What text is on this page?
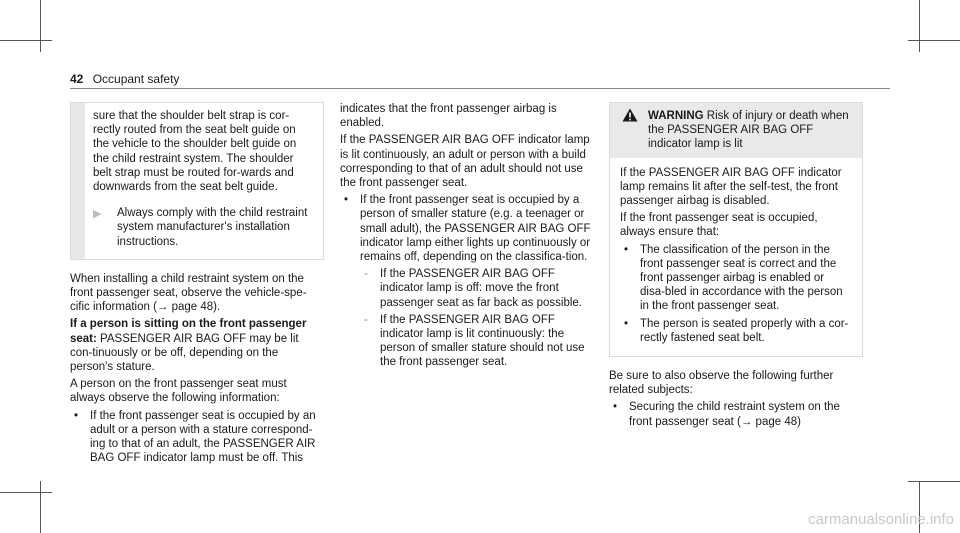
42 Occupant safety

sure that the shoulder belt strap is cor-rectly routed from the seat belt guide on the vehicle to the shoulder belt guide on the child restraint system. The shoulder belt strap must be routed for-wards and downwards from the seat belt guide.

▶ Always comply with the child restraint system manufacturer's installation instructions.

When installing a child restraint system on the front passenger seat, observe the vehicle-spe-cific information (→ page 48).

If a person is sitting on the front passenger seat: PASSENGER AIR BAG OFF may be lit con-tinuously or be off, depending on the person's stature.

A person on the front passenger seat must always observe the following information:

• If the front passenger seat is occupied by an adult or a person with a stature correspond-ing to that of an adult, the PASSENGER AIR BAG OFF indicator lamp must be off. This

indicates that the front passenger airbag is enabled.

If the PASSENGER AIR BAG OFF indicator lamp is lit continuously, an adult or person with a build corresponding to that of an adult should not use the front passenger seat.

• If the front passenger seat is occupied by a person of smaller stature (e.g. a teenager or small adult), the PASSENGER AIR BAG OFF indicator lamp either lights up continuously or remains off, depending on the classifica-tion.
- If the PASSENGER AIR BAG OFF indicator lamp is off: move the front passenger seat as far back as possible.
- If the PASSENGER AIR BAG OFF indicator lamp is lit continuously: the person of smaller stature should not use the front passenger seat.
WARNING Risk of injury or death when the PASSENGER AIR BAG OFF indicator lamp is lit

If the PASSENGER AIR BAG OFF indicator lamp remains lit after the self-test, the front passenger airbag is disabled.

If the front passenger seat is occupied, always ensure that:

• The classification of the person in the front passenger seat is correct and the front passenger airbag is enabled or disa-bled in accordance with the person in the front passenger seat.
• The person is seated properly with a cor-rectly fastened seat belt.

Be sure to also observe the following further related subjects:

• Securing the child restraint system on the front passenger seat (→ page 48)
carmanualsonline.info
